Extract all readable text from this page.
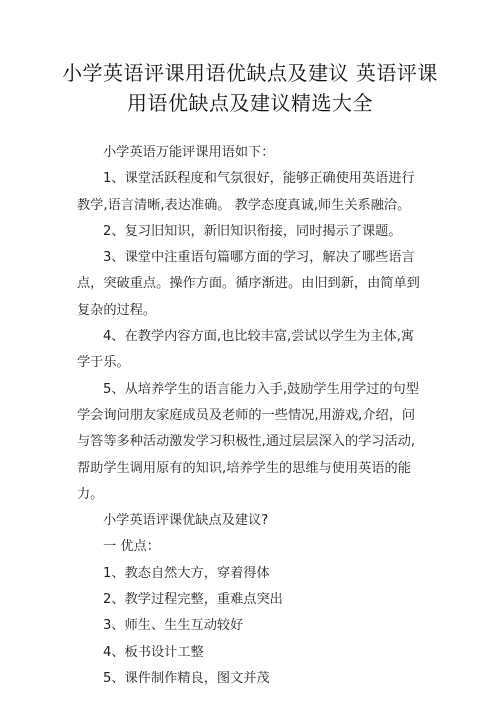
小学英语评课用语优缺点及建议 英语评课
用语优缺点及建议精选大全
小学英语万能评课用语如下：
1、课堂活跃程度和气氛很好，能够正确使用英语进行
教学,语言清晰,表达准确。 教学态度真诚,师生关系融洽。
2、复习旧知识，新旧知识衔接，同时揭示了课题。
3、课堂中注重语句篇哪方面的学习，解决了哪些语言
点，突破重点。操作方面。循序渐进。由旧到新，由简单到
复杂的过程。
4、在教学内容方面,也比较丰富,尝试以学生为主体,寓
学于乐。
5、从培养学生的语言能力入手,鼓励学生用学过的句型
学会询问朋友家庭成员及老师的一些情况,用游戏,介绍，问
与答等多种活动激发学习积极性,通过层层深入的学习活动,
帮助学生调用原有的知识,培养学生的思维与使用英语的能
力。
小学英语评课优缺点及建议?
一 优点：
1、教态自然大方，穿着得体
2、教学过程完整，重难点突出
3、师生、生生互动较好
4、板书设计工整
5、课件制作精良，图文并茂
